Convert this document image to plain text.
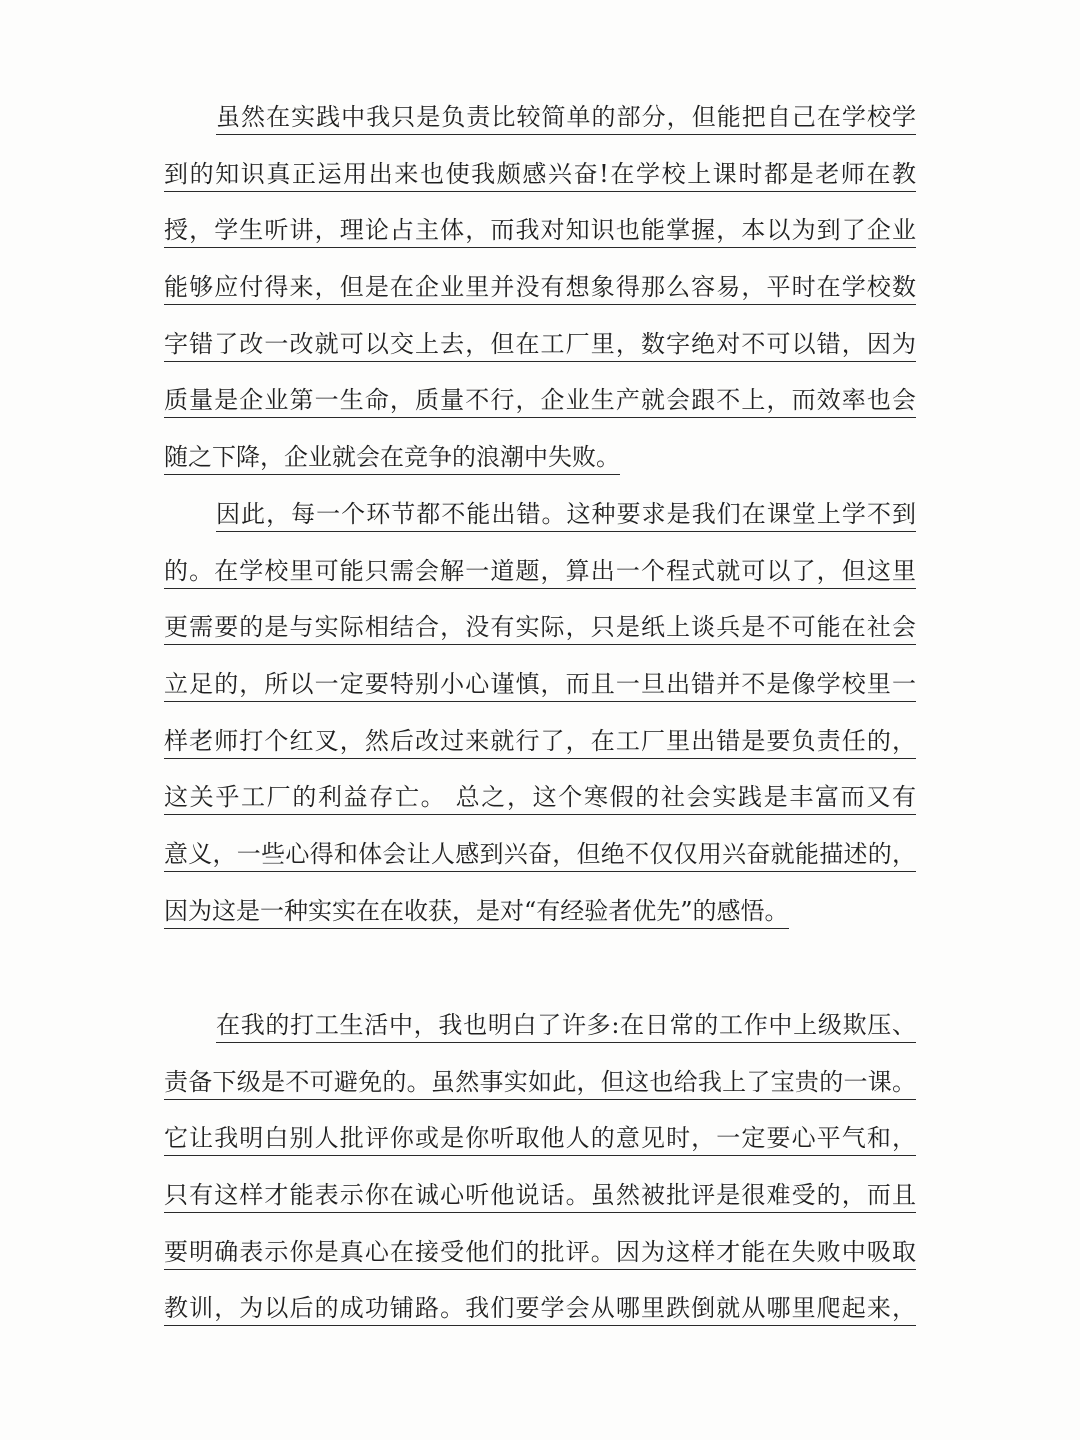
虽然在实践中我只是负责比较简单的部分，但能把自己在学校学
到的知识真正运用出来也使我颇感兴奋!在学校上课时都是老师在教
授，学生听讲，理论占主体，而我对知识也能掌握，本以为到了企业
能够应付得来，但是在企业里并没有想象得那么容易，平时在学校数
字错了改一改就可以交上去，但在工厂里，数字绝对不可以错，因为
质量是企业第一生命，质量不行，企业生产就会跟不上，而效率也会
随之下降，企业就会在竞争的浪潮中失败。
因此，每一个环节都不能出错。这种要求是我们在课堂上学不到
的。在学校里可能只需会解一道题，算出一个程式就可以了，但这里
更需要的是与实际相结合，没有实际，只是纸上谈兵是不可能在社会
立足的，所以一定要特别小心谨慎，而且一旦出错并不是像学校里一
样老师打个红叉，然后改过来就行了，在工厂里出错是要负责任的，
这关乎工厂的利益存亡。 总之，这个寒假的社会实践是丰富而又有
意义，一些心得和体会让人感到兴奋，但绝不仅仅用兴奋就能描述的，
因为这是一种实实在在收获，是对“有经验者优先”的感悟。
在我的打工生活中，我也明白了许多:在日常的工作中上级欺压、
责备下级是不可避免的。虽然事实如此，但这也给我上了宝贵的一课。
它让我明白别人批评你或是你听取他人的意见时，一定要心平气和，
只有这样才能表示你在诚心听他说话。虽然被批评是很难受的，而且
要明确表示你是真心在接受他们的批评。因为这样才能在失败中吸取
教训，为以后的成功铺路。我们要学会从哪里跌倒就从哪里爬起来，
